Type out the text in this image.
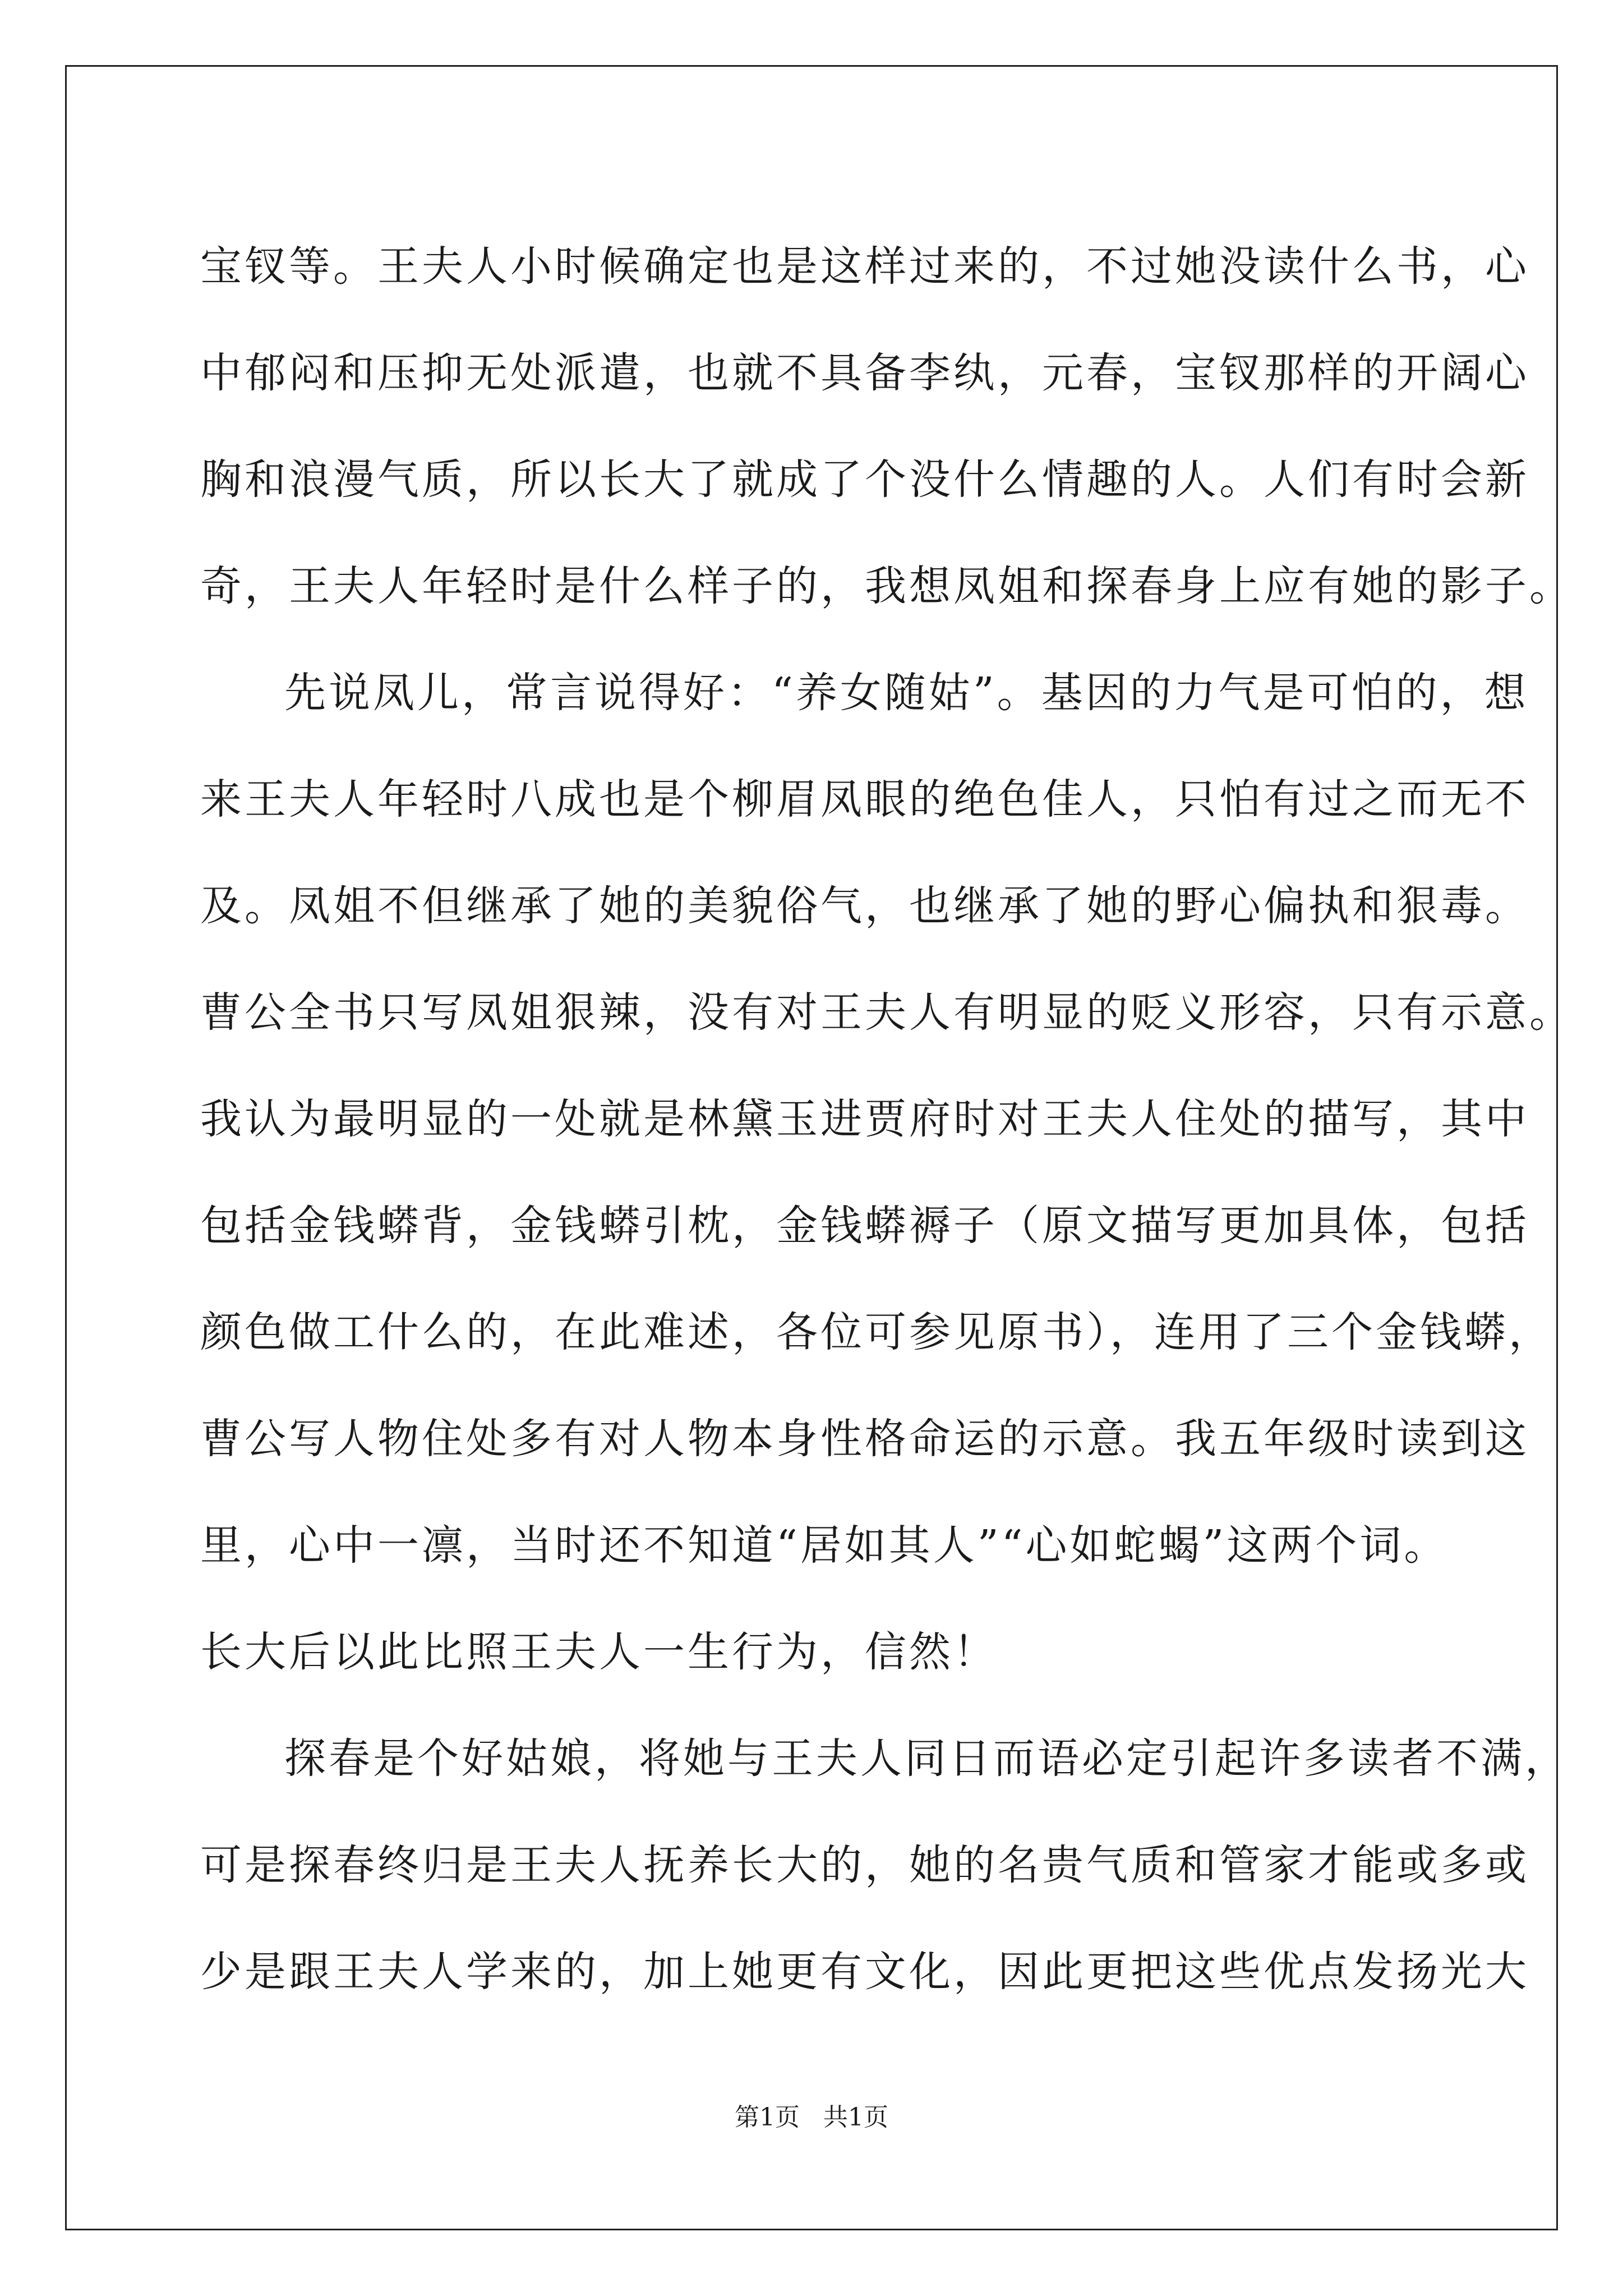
宝钗等。王夫人小时候确定也是这样过来的，不过她没读什么书，心
中郁闷和压抑无处派遣，也就不具备李纨，元春，宝钗那样的开阔心
胸和浪漫气质，所以长大了就成了个没什么情趣的人。人们有时会新
奇，王夫人年轻时是什么样子的，我想凤姐和探春身上应有她的影子。
先说凤儿，常言说得好：“养女随姑”。基因的力气是可怕的，想
来王夫人年轻时八成也是个柳眉凤眼的绝色佳人，只怕有过之而无不
及。凤姐不但继承了她的美貌俗气，也继承了她的野心偏执和狠毒。
曹公全书只写凤姐狠辣，没有对王夫人有明显的贬义形容，只有示意。
我认为最明显的一处就是林黛玉进贾府时对王夫人住处的描写，其中
包括金钱蟒背，金钱蟒引枕，金钱蟒褥子（原文描写更加具体，包括
颜色做工什么的，在此难述，各位可参见原书），连用了三个金钱蟒，
曹公写人物住处多有对人物本身性格命运的示意。我五年级时读到这
里，心中一凛，当时还不知道“居如其人”“心如蛇蝎”这两个词。
长大后以此比照王夫人一生行为，信然！
探春是个好姑娘，将她与王夫人同日而语必定引起许多读者不满，
可是探春终归是王夫人抚养长大的，她的名贵气质和管家才能或多或
少是跟王夫人学来的，加上她更有文化，因此更把这些优点发扬光大
第1页   共1页
